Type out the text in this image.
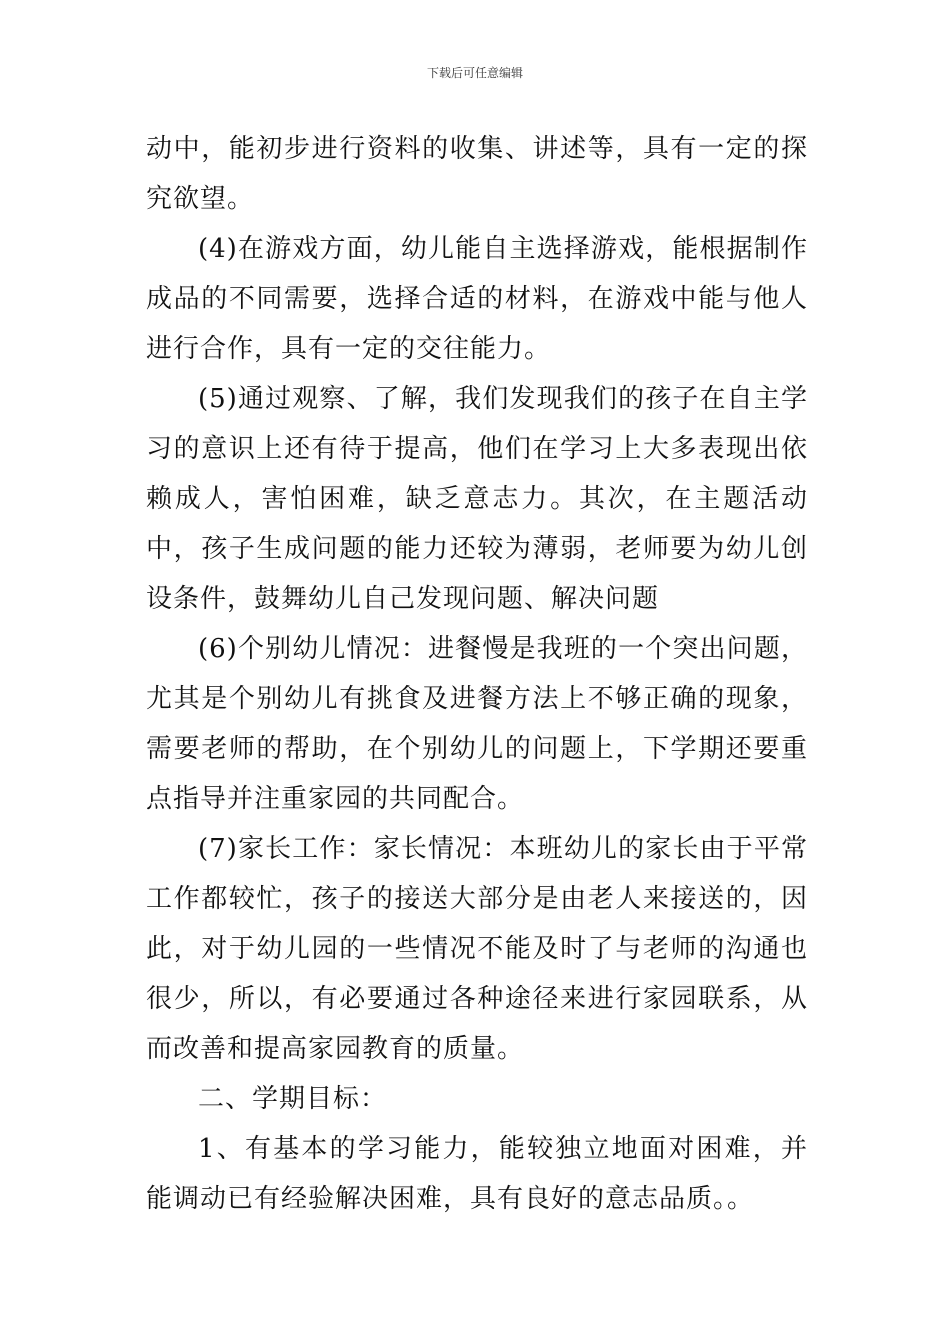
下载后可任意编辑

动中，能初步进行资料的收集、讲述等，具有一定的探究欲望。

(4)在游戏方面，幼儿能自主选择游戏，能根据制作成品的不同需要，选择合适的材料，在游戏中能与他人进行合作，具有一定的交往能力。

(5)通过观察、了解，我们发现我们的孩子在自主学习的意识上还有待于提高，他们在学习上大多表现出依赖成人，害怕困难，缺乏意志力。其次，在主题活动中，孩子生成问题的能力还较为薄弱，老师要为幼儿创设条件，鼓舞幼儿自己发现问题、解决问题

(6)个别幼儿情况：进餐慢是我班的一个突出问题，尤其是个别幼儿有挑食及进餐方法上不够正确的现象，需要老师的帮助，在个别幼儿的问题上，下学期还要重点指导并注重家园的共同配合。

(7)家长工作：家长情况：本班幼儿的家长由于平常工作都较忙，孩子的接送大部分是由老人来接送的，因此，对于幼儿园的一些情况不能及时了与老师的沟通也很少，所以，有必要通过各种途径来进行家园联系，从而改善和提高家园教育的质量。

二、学期目标：

1、有基本的学习能力，能较独立地面对困难，并能调动已有经验解决困难，具有良好的意志品质。。
